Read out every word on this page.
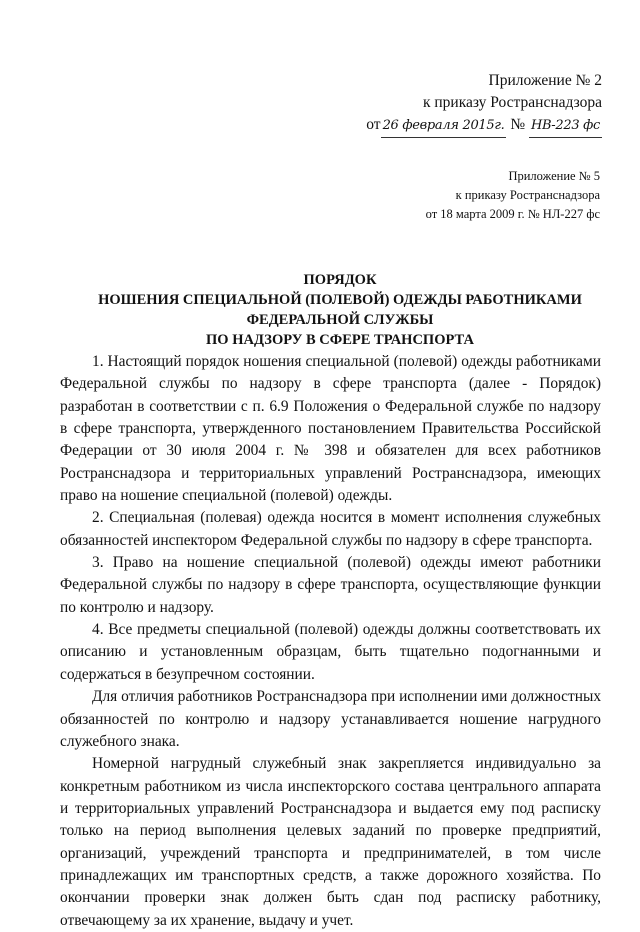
Приложение № 2
к приказу Ространснадзора
от 26 февраля 2015г. № НВ-223 фс
Приложение № 5
к приказу Ространснадзора
от 18 марта 2009 г. № НЛ-227 фс
ПОРЯДОК
НОШЕНИЯ СПЕЦИАЛЬНОЙ (ПОЛЕВОЙ) ОДЕЖДЫ РАБОТНИКАМИ
ФЕДЕРАЛЬНОЙ СЛУЖБЫ
ПО НАДЗОРУ В СФЕРЕ ТРАНСПОРТА

1. Настоящий порядок ношения специальной (полевой) одежды работниками Федеральной службы по надзору в сфере транспорта (далее - Порядок) разработан в соответствии с п. 6.9 Положения о Федеральной службе по надзору в сфере транспорта, утвержденного постановлением Правительства Российской Федерации от 30 июля 2004 г. № 398 и обязателен для всех работников Ространснадзора и территориальных управлений Ространснадзора, имеющих право на ношение специальной (полевой) одежды.

2. Специальная (полевая) одежда носится в момент исполнения служебных обязанностей инспектором Федеральной службы по надзору в сфере транспорта.

3. Право на ношение специальной (полевой) одежды имеют работники Федеральной службы по надзору в сфере транспорта, осуществляющие функции по контролю и надзору.

4. Все предметы специальной (полевой) одежды должны соответствовать их описанию и установленным образцам, быть тщательно подогнанными и содержаться в безупречном состоянии.

Для отличия работников Ространснадзора при исполнении ими должностных обязанностей по контролю и надзору устанавливается ношение нагрудного служебного знака.

Номерной нагрудный служебный знак закрепляется индивидуально за конкретным работником из числа инспекторского состава центрального аппарата и территориальных управлений Ространснадзора и выдается ему под расписку только на период выполнения целевых заданий по проверке предприятий, организаций, учреждений транспорта и предпринимателей, в том числе принадлежащих им транспортных средств, а также дорожного хозяйства. По окончании проверки знак должен быть сдан под расписку работнику, отвечающему за их хранение, выдачу и учет.
